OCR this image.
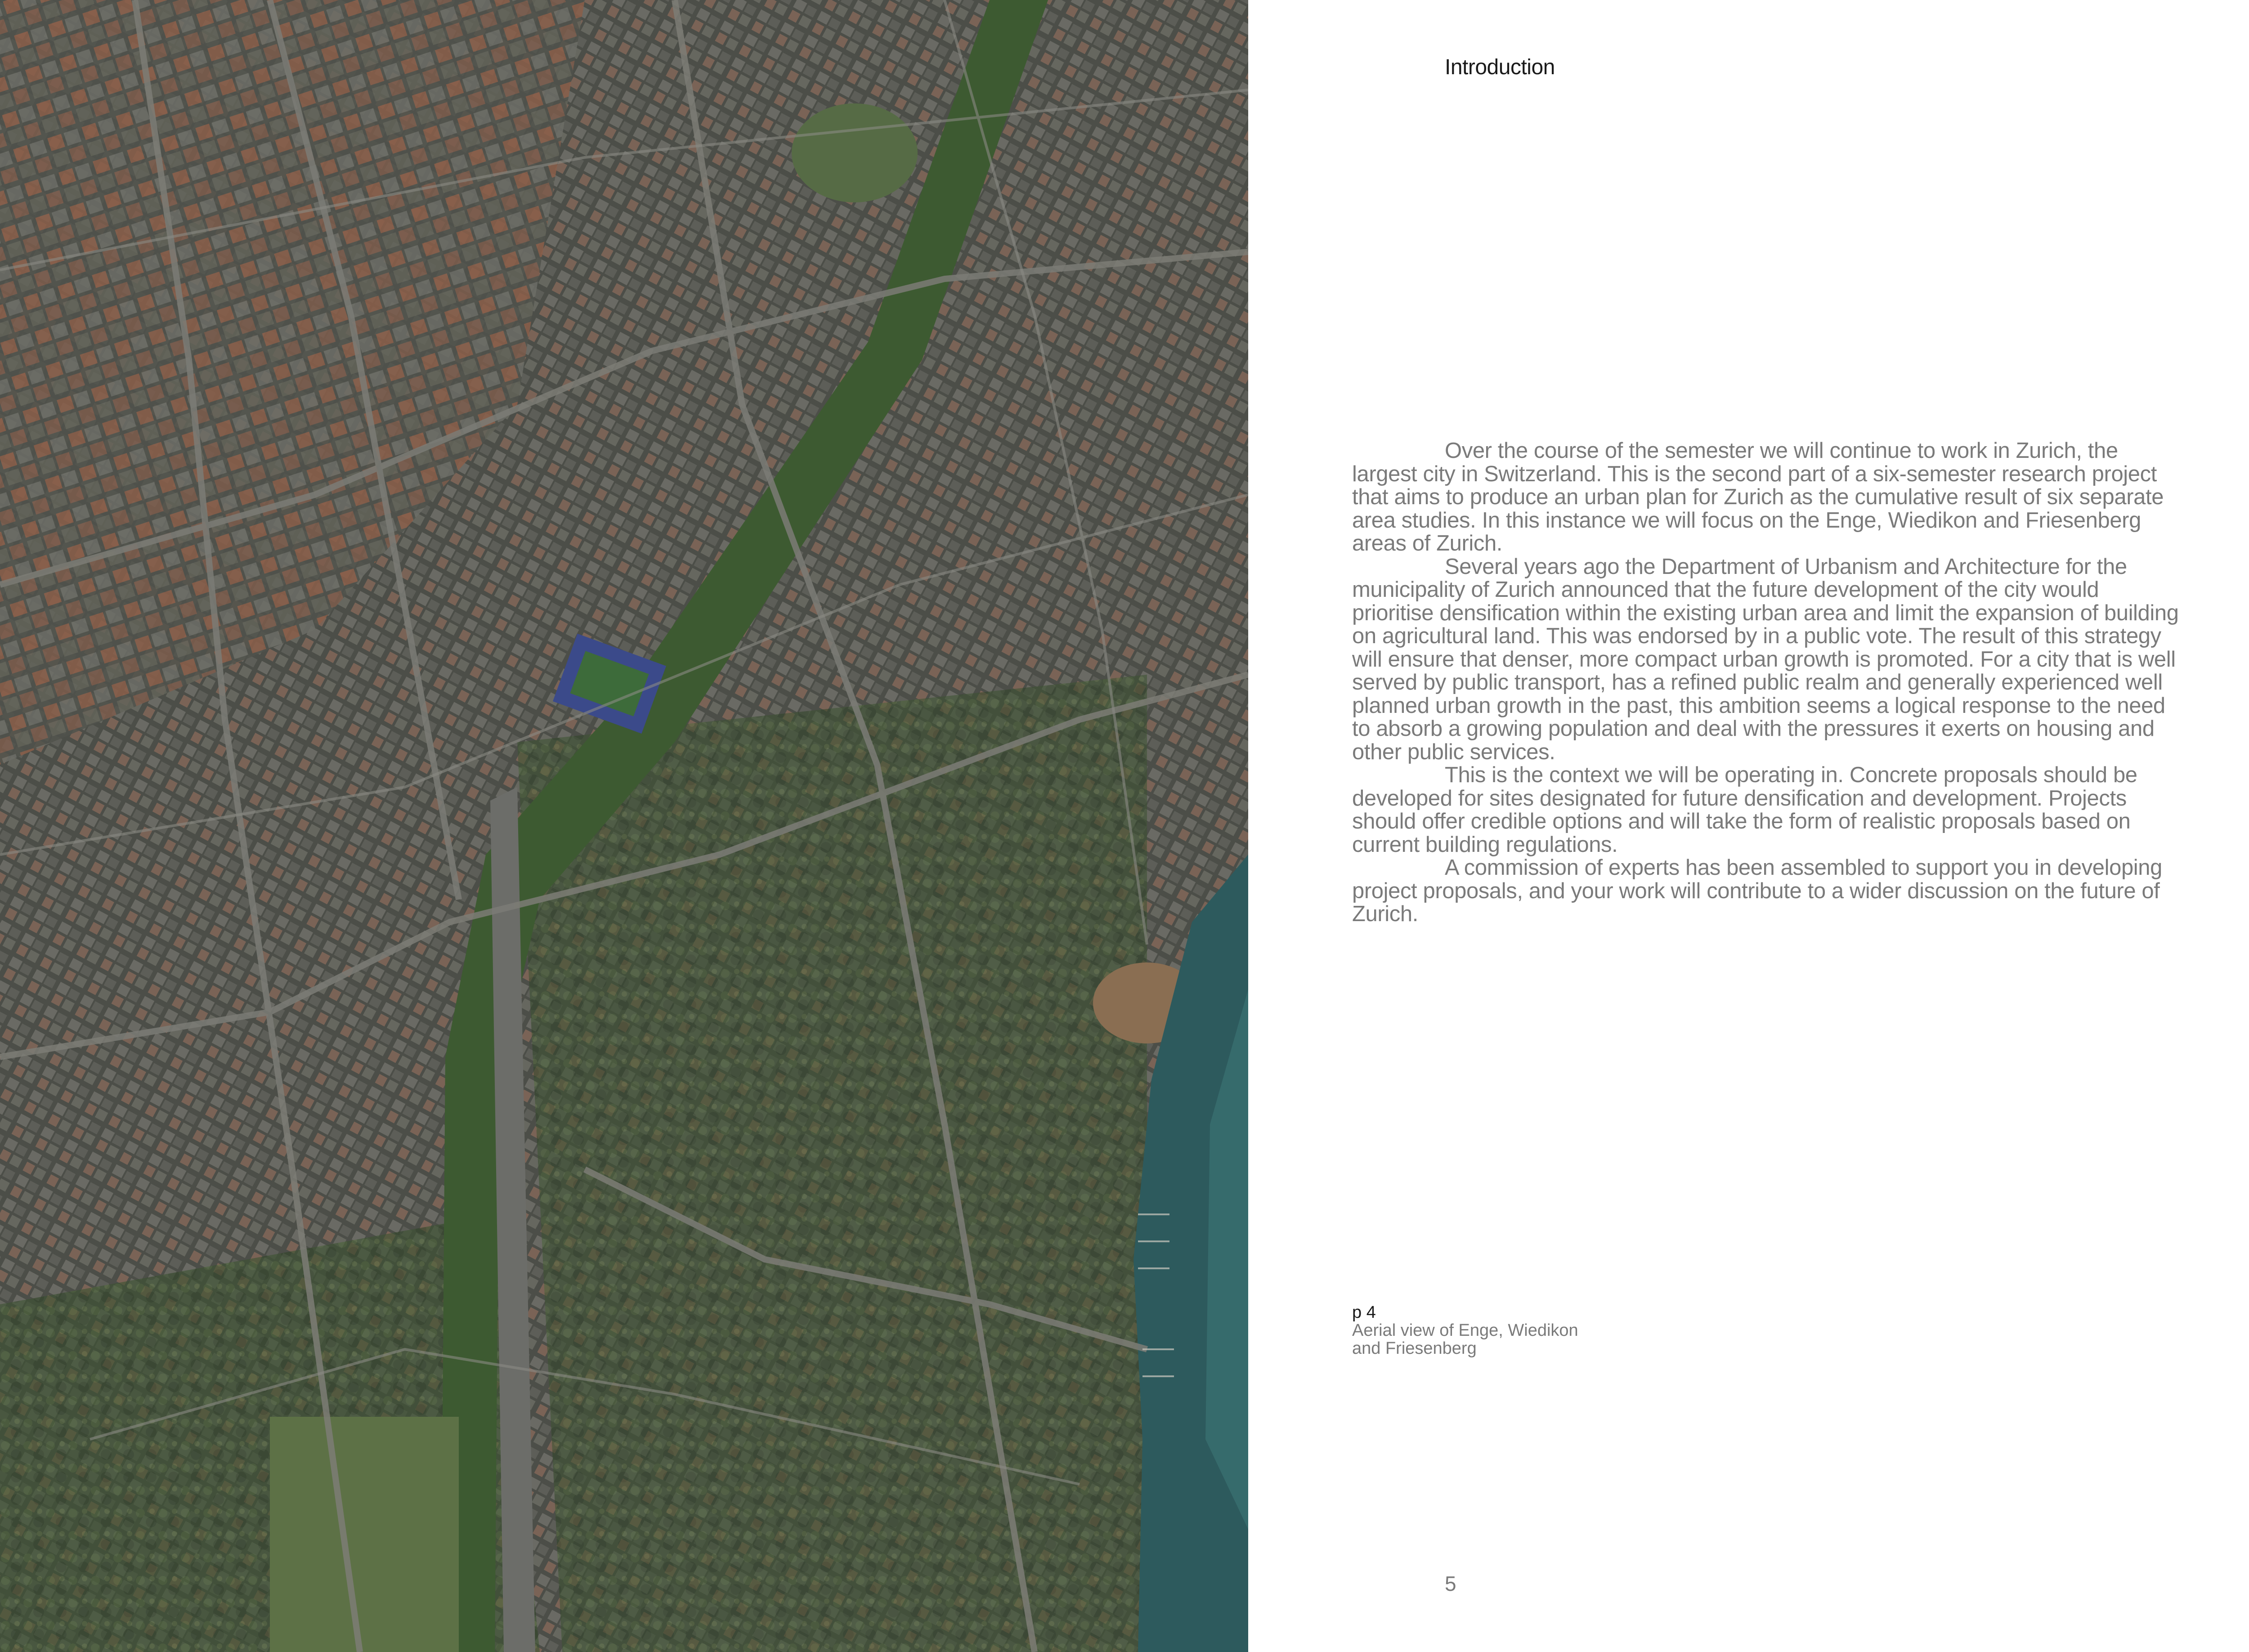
Introduction

Over the course of the semester we will continue to work in Zurich, the largest city in Switzerland. This is the second part of a six-semester research project that aims to produce an urban plan for Zurich as the cumulative result of six separate area studies. In this instance we will focus on the Enge, Wiedikon and Friesenberg areas of Zurich.

Several years ago the Department of Urbanism and Architecture for the municipality of Zurich announced that the future development of the city would prioritise densification within the existing urban area and limit the expansion of building on agricultural land. This was endorsed by in a public vote. The result of this strategy will ensure that denser, more compact urban growth is promoted. For a city that is well served by public transport, has a refined public realm and generally experienced well planned urban growth in the past, this ambition seems a logical response to the need to absorb a growing population and deal with the pressures it exerts on housing and other public services.

This is the context we will be operating in. Concrete proposals should be developed for sites designated for future densification and development. Projects should offer credible options and will take the form of realistic proposals based on current building regulations.

A commission of experts has been assembled to support you in developing project proposals, and your work will contribute to a wider discussion on the future of Zurich.

p 4
Aerial view of Enge, Wiedikon
and Friesenberg
5
